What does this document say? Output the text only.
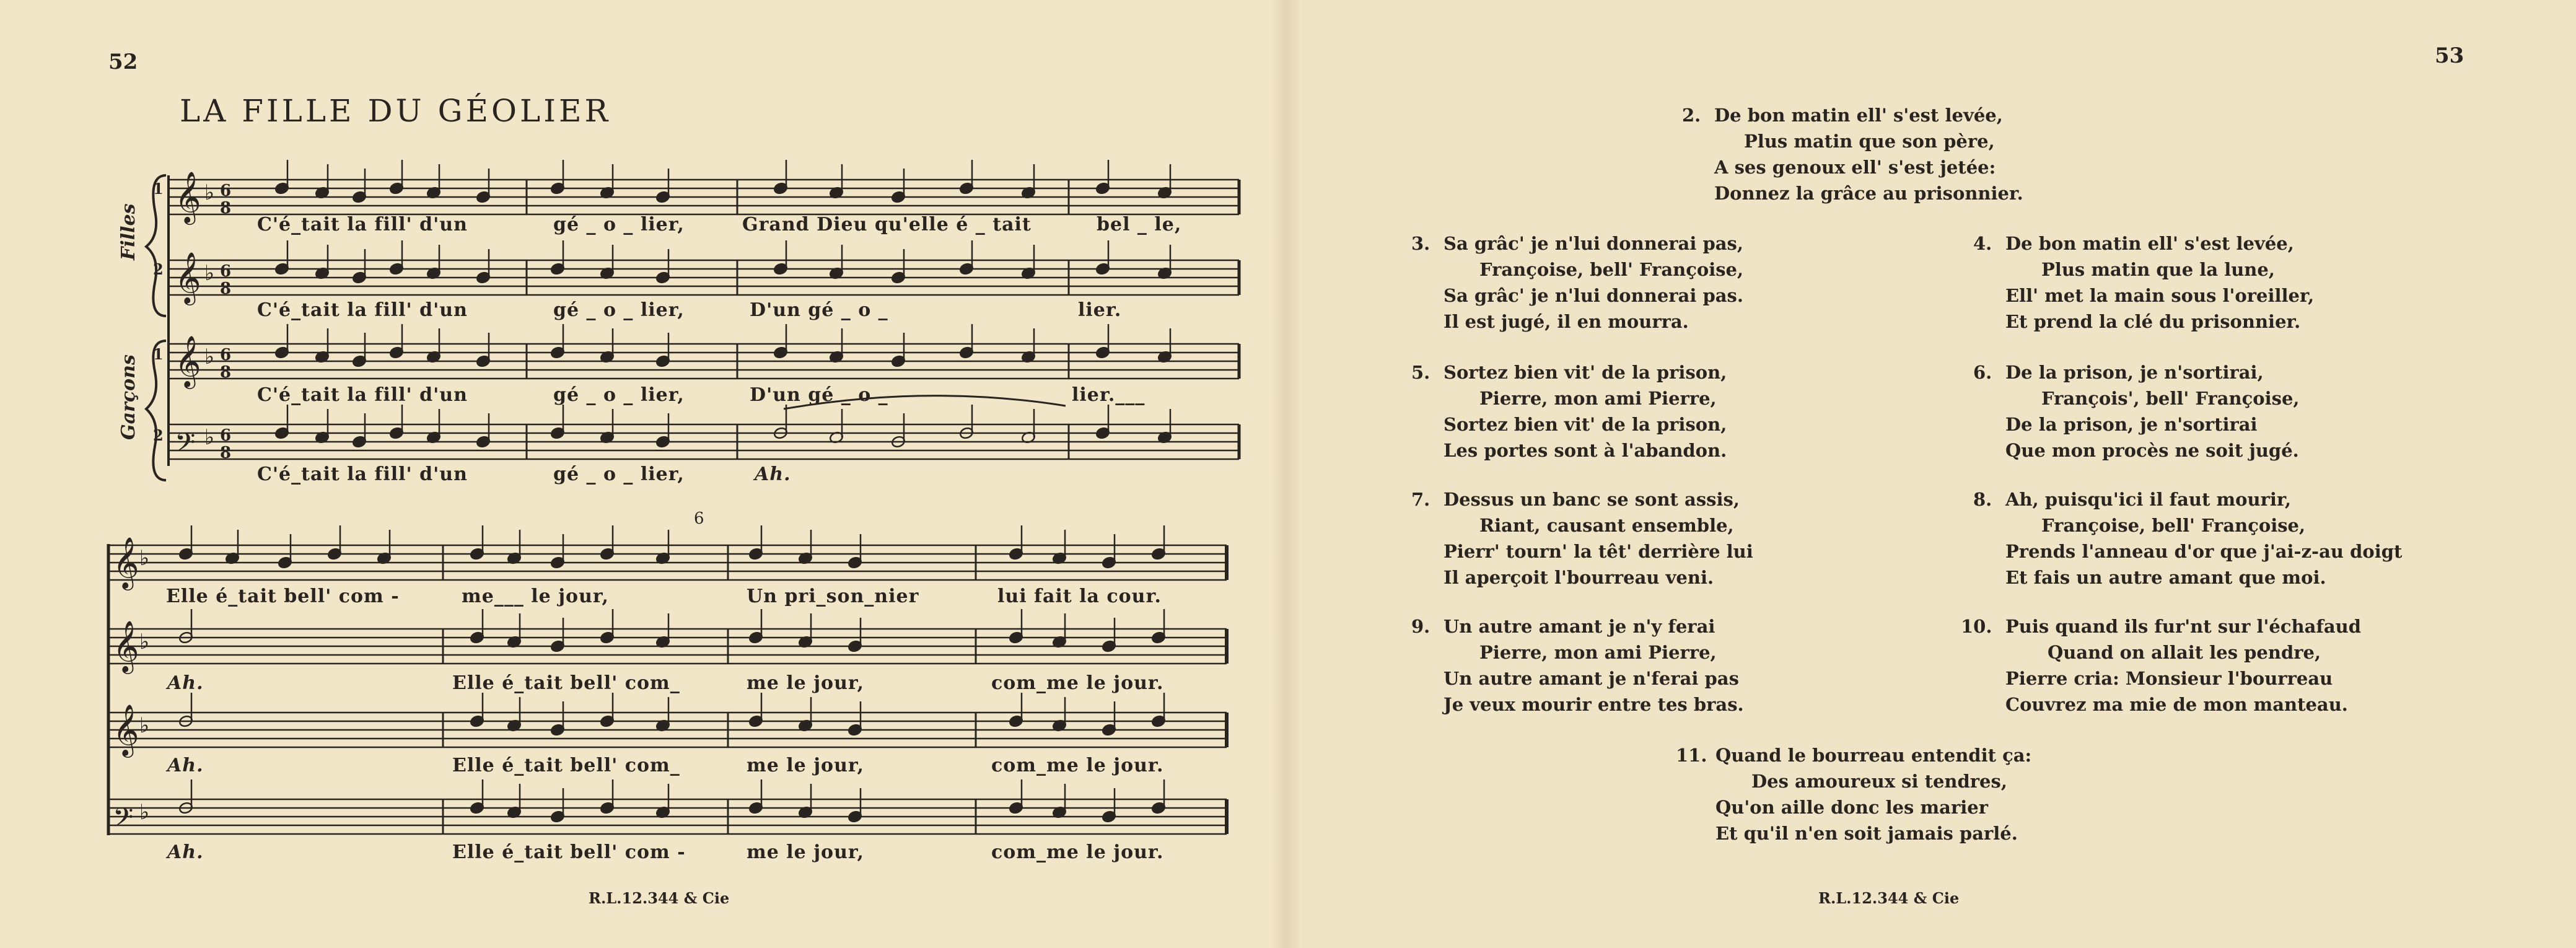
52
LA FILLE DU GÉOLIER
Filles
Garçons
1
2
1
2
6
𝄞 ♭ 6
8
𝄞 ♭ 6
8
𝄞 ♭ 6
8
𝄢 ♭ 6
8
𝄞 ♭
𝄞 ♭
𝄞 ♭
𝄢 ♭
C'é_tait la fill' d'un	gé _ o _ lier,	Grand Dieu qu'elle é _ tait	bel _ le,
C'é_tait la fill' d'un	gé _ o _ lier,	D'un gé _ o _	lier.
C'é_tait la fill' d'un	gé _ o _ lier,	D'un gé _ o _	lier.___
C'é_tait la fill' d'un	gé _ o _ lier,	Ah.
Elle é_tait bell' com -	me___ le jour,	Un pri_son_nier	lui fait la cour.
Ah.	Elle é_tait bell' com_	me le jour,	com_me le jour.
Ah.	Elle é_tait bell' com_	me le jour,	com_me le jour.
Ah.	Elle é_tait bell' com -	me le jour,	com_me le jour.
R.L.12.344 & Cie
53
2. De bon matin ell' s'est levée,
Plus matin que son père,
A ses genoux ell' s'est jetée:
Donnez la grâce au prisonnier.
3. Sa grâc' je n'lui donnerai pas,
Françoise, bell' Françoise,
Sa grâc' je n'lui donnerai pas.
Il est jugé, il en mourra.
4. De bon matin ell' s'est levée,
Plus matin que la lune,
Ell' met la main sous l'oreiller,
Et prend la clé du prisonnier.
5. Sortez bien vit' de la prison,
Pierre, mon ami Pierre,
Sortez bien vit' de la prison,
Les portes sont à l'abandon.
6. De la prison, je n'sortirai,
François', bell' Françoise,
De la prison, je n'sortirai
Que mon procès ne soit jugé.
7. Dessus un banc se sont assis,
Riant, causant ensemble,
Pierr' tourn' la têt' derrière lui
Il aperçoit l'bourreau veni.
8. Ah, puisqu'ici il faut mourir,
Françoise, bell' Françoise,
Prends l'anneau d'or que j'ai-z-au doigt
Et fais un autre amant que moi.
9. Un autre amant je n'y ferai
Pierre, mon ami Pierre,
Un autre amant je n'ferai pas
Je veux mourir entre tes bras.
10. Puis quand ils fur'nt sur l'échafaud
Quand on allait les pendre,
Pierre cria: Monsieur l'bourreau
Couvrez ma mie de mon manteau.
11. Quand le bourreau entendit ça:
Des amoureux si tendres,
Qu'on aille donc les marier
Et qu'il n'en soit jamais parlé.
R.L.12.344 & Cie
